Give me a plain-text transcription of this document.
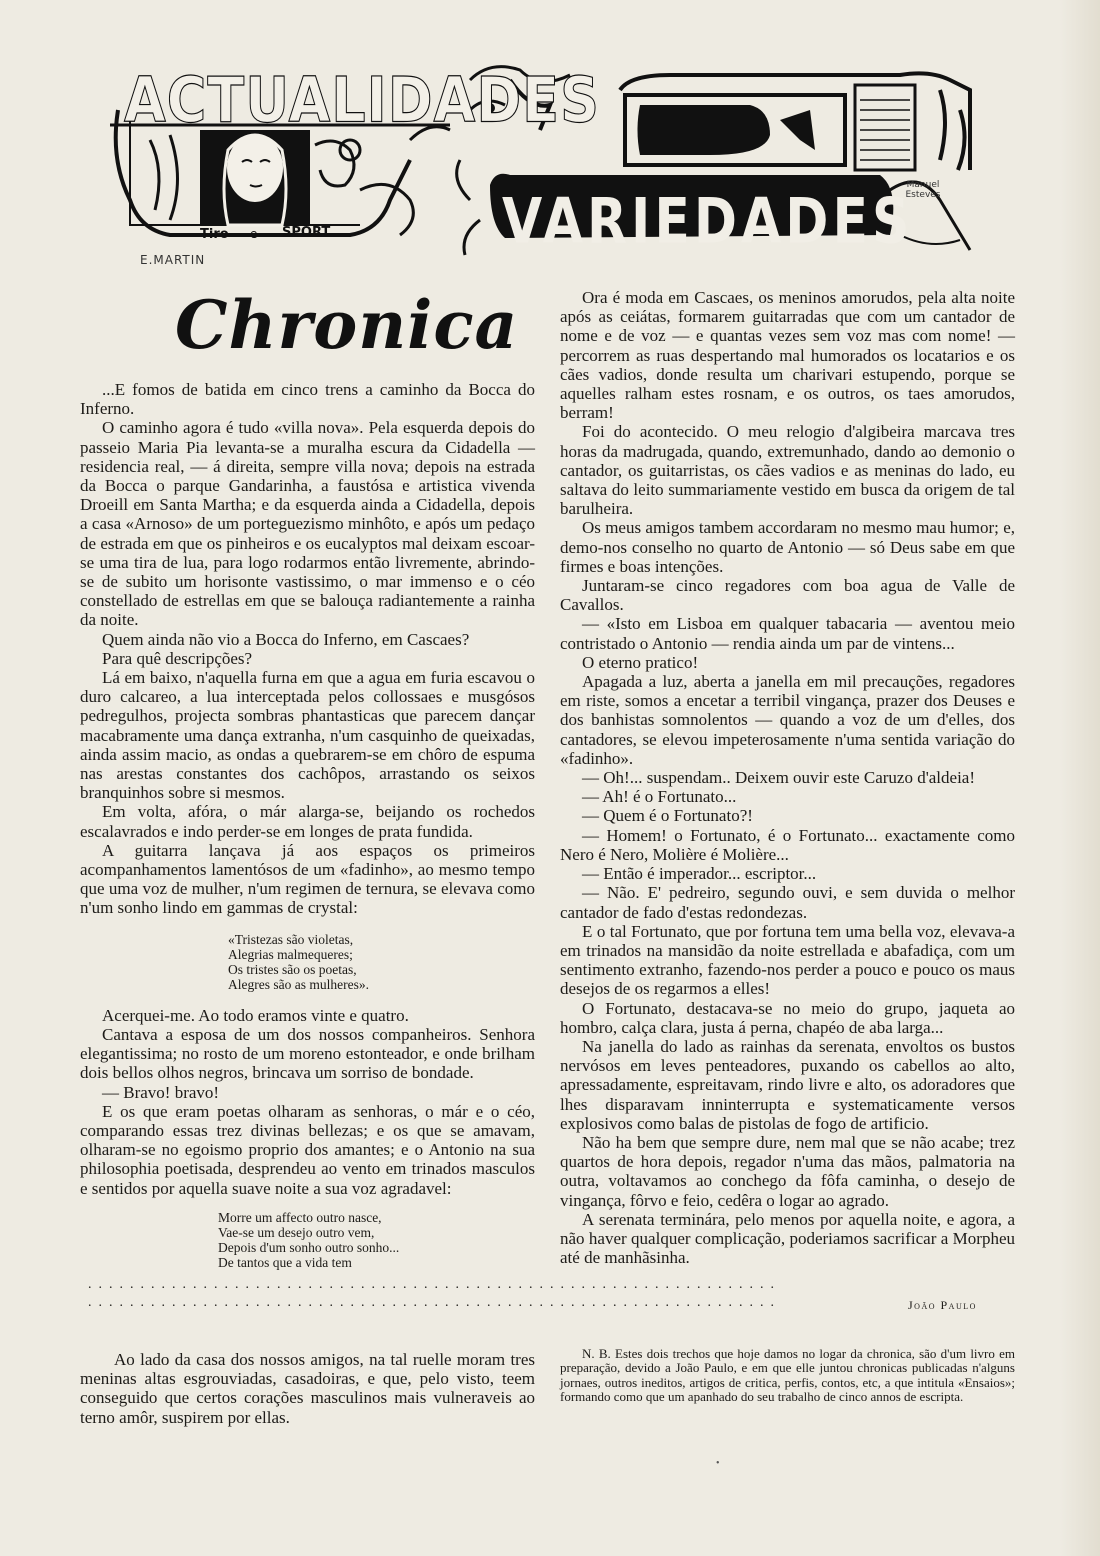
ACTUALIDADES
VARIEDADES
Tiro e SPORT
E.MARTIN
Manuel Esteves
Chronica

...E fomos de batida em cinco trens a caminho da Bocca do Inferno.

O caminho agora é tudo «villa nova». Pela esquerda depois do passeio Maria Pia levanta-se a muralha escura da Cidadella — residencia real, — á direita, sempre villa nova; depois na estrada da Bocca o parque Gandarinha, a faustósa e artistica vivenda Droeill em Santa Martha; e da esquerda ainda a Cidadella, depois a casa «Arnoso» de um porteguezismo minhôto, e após um pedaço de estrada em que os pinheiros e os eucalyptos mal deixam escoar-se uma tira de lua, para logo rodarmos então livremente, abrindo-se de subito um horisonte vastissimo, o mar immenso e o céo constellado de estrellas em que se balouça radiantemente a rainha da noite.

Quem ainda não vio a Bocca do Inferno, em Cascaes?

Para quê descripções?

Lá em baixo, n'aquella furna em que a agua em furia escavou o duro calcareo, a lua interceptada pelos collossaes e musgósos pedregulhos, projecta sombras phantasticas que parecem dançar macabramente uma dança extranha, n'um casquinho de queixadas, ainda assim macio, as ondas a quebrarem-se em chôro de espuma nas arestas constantes dos cachôpos, arrastando os seixos branquinhos sobre si mesmos.

Em volta, afóra, o már alarga-se, beijando os rochedos escalavrados e indo perder-se em longes de prata fundida.

A guitarra lançava já aos espaços os primeiros acompanhamentos lamentósos de um «fadinho», ao mesmo tempo que uma voz de mulher, n'um regimen de ternura, se elevava como n'um sonho lindo em gammas de crystal:

«Tristezas são violetas,
Alegrias malmequeres;
Os tristes são os poetas,
Alegres são as mulheres».

Acerquei-me. Ao todo eramos vinte e quatro.

Cantava a esposa de um dos nossos companheiros. Senhora elegantissima; no rosto de um moreno estonteador, e onde brilham dois bellos olhos negros, brincava um sorriso de bondade.

— Bravo! bravo!

E os que eram poetas olharam as senhoras, o már e o céo, comparando essas trez divinas bellezas; e os que se amavam, olharam-se no egoismo proprio dos amantes; e o Antonio na sua philosophia poetisada, desprendeu ao vento em trinados masculos e sentidos por aquella suave noite a sua voz agradavel:

Morre um affecto outro nasce,
Vae-se um desejo outro vem,
Depois d'um sonho outro sonho...
De tantos que a vida tem
..................................................................
..................................................................

Ao lado da casa dos nossos amigos, na tal ruelle moram tres meninas altas esgrouviadas, casadoiras, e que, pelo visto, teem conseguido que certos corações masculinos mais vulneraveis ao terno amôr, suspirem por ellas.

Ora é moda em Cascaes, os meninos amorudos, pela alta noite após as ceiátas, formarem guitarradas que com um cantador de nome e de voz — e quantas vezes sem voz mas com nome! — percorrem as ruas despertando mal humorados os locatarios e os cães vadios, donde resulta um charivari estupendo, porque se aquelles ralham estes rosnam, e os outros, os taes amorudos, berram!

Foi do acontecido. O meu relogio d'algibeira marcava tres horas da madrugada, quando, extremunhado, dando ao demonio o cantador, os guitarristas, os cães vadios e as meninas do lado, eu saltava do leito summariamente vestido em busca da origem de tal barulheira.

Os meus amigos tambem accordaram no mesmo mau humor; e, demo-nos conselho no quarto de Antonio — só Deus sabe em que firmes e boas intenções.

Juntaram-se cinco regadores com boa agua de Valle de Cavallos.

— «Isto em Lisboa em qualquer tabacaria — aventou meio contristado o Antonio — rendia ainda um par de vintens...

O eterno pratico!

Apagada a luz, aberta a janella em mil precauções, regadores em riste, somos a encetar a terribil vingança, prazer dos Deuses e dos banhistas somnolentos — quando a voz de um d'elles, dos cantadores, se elevou impeterosamente n'uma sentida variação do «fadinho».

— Oh!... suspendam.. Deixem ouvir este Caruzo d'aldeia!

— Ah! é o Fortunato...

— Quem é o Fortunato?!

— Homem! o Fortunato, é o Fortunato... exactamente como Nero é Nero, Molière é Molière...

— Então é imperador... escriptor...

— Não. E' pedreiro, segundo ouvi, e sem duvida o melhor cantador de fado d'estas redondezas.

E o tal Fortunato, que por fortuna tem uma bella voz, elevava-a em trinados na mansidão da noite estrellada e abafadiça, com um sentimento extranho, fazendo-nos perder a pouco e pouco os maus desejos de os regarmos a elles!

O Fortunato, destacava-se no meio do grupo, jaqueta ao hombro, calça clara, justa á perna, chapéo de aba larga...

Na janella do lado as rainhas da serenata, envoltos os bustos nervósos em leves penteadores, puxando os cabellos ao alto, apressadamente, espreitavam, rindo livre e alto, os adoradores que lhes disparavam inninterrupta e systematicamente versos explosivos como balas de pistolas de fogo de artificio.

Não ha bem que sempre dure, nem mal que se não acabe; trez quartos de hora depois, regador n'uma das mãos, palmatoria na outra, voltavamos ao conchego da fôfa caminha, o desejo de vingança, fôrvo e feio, cedêra o logar ao agrado.

A serenata terminára, pelo menos por aquella noite, e agora, a não haver qualquer complicação, poderiamos sacrificar a Morpheu até de manhãsinha.

João Paulo

N. B. Estes dois trechos que hoje damos no logar da chronica, são d'um livro em preparação, devido a João Paulo, e em que elle juntou chronicas publicadas n'alguns jornaes, outros ineditos, artigos de critica, perfis, contos, etc, a que intitula «Ensaios»; formando como que um apanhado do seu trabalho de cinco annos de escripta.

•
